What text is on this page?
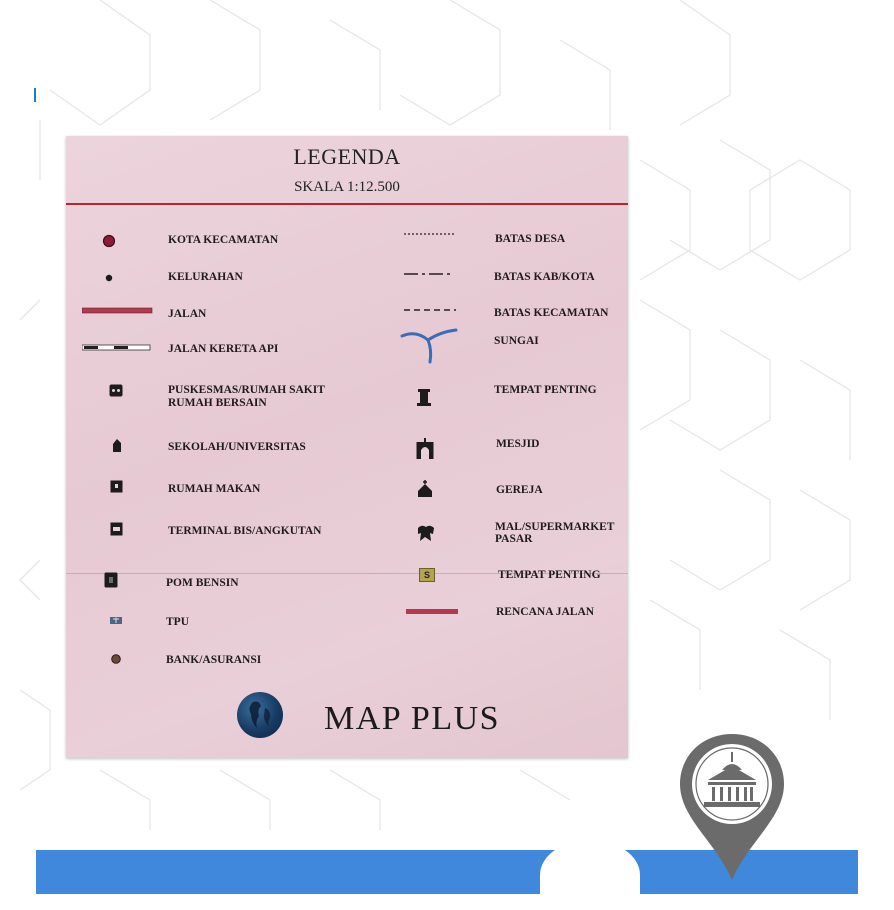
LEGENDA
SKALA 1:12.500
KOTA KECAMATAN
KELURAHAN
JALAN
JALAN KERETA API
PUSKESMAS/RUMAH SAKIT
RUMAH BERSAIN
SEKOLAH/UNIVERSITAS
RUMAH MAKAN
TERMINAL BIS/ANGKUTAN
POM BENSIN
TPU
BANK/ASURANSI
S
BATAS DESA
BATAS KAB/KOTA
BATAS KECAMATAN
SUNGAI
TEMPAT PENTING
MESJID
GEREJA
MAL/SUPERMARKET
PASAR
TEMPAT PENTING
RENCANA JALAN
MAP PLUS
